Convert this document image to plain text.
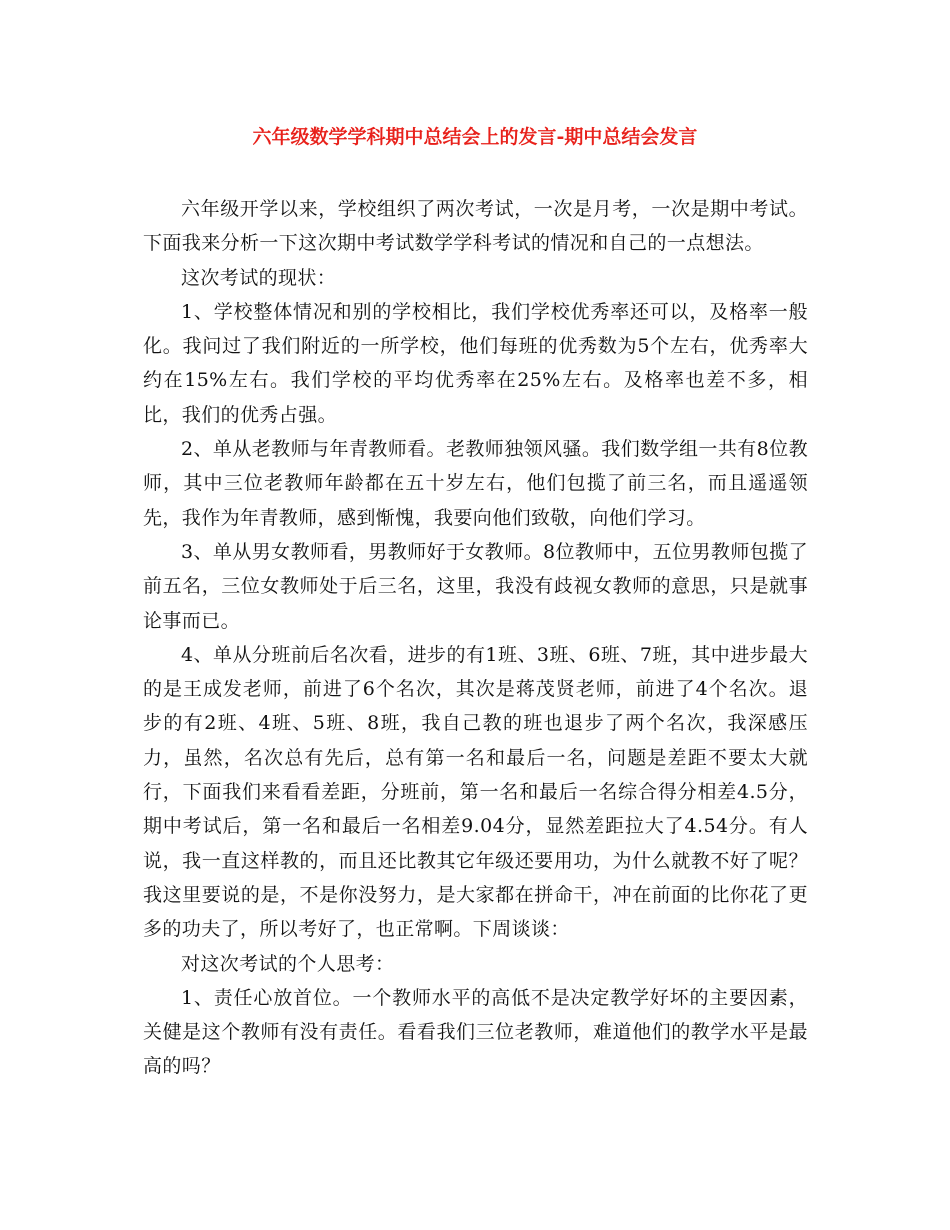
六年级数学学科期中总结会上的发言-期中总结会发言

六年级开学以来，学校组织了两次考试，一次是月考，一次是期中考试。下面我来分析一下这次期中考试数学学科考试的情况和自己的一点想法。

这次考试的现状：

1、学校整体情况和别的学校相比，我们学校优秀率还可以，及格率一般化。我问过了我们附近的一所学校，他们每班的优秀数为5个左右，优秀率大约在15%左右。我们学校的平均优秀率在25%左右。及格率也差不多，相比，我们的优秀占强。

2、单从老教师与年青教师看。老教师独领风骚。我们数学组一共有8位教师，其中三位老教师年龄都在五十岁左右，他们包揽了前三名，而且遥遥领先，我作为年青教师，感到惭愧，我要向他们致敬，向他们学习。

3、单从男女教师看，男教师好于女教师。8位教师中，五位男教师包揽了前五名，三位女教师处于后三名，这里，我没有歧视女教师的意思，只是就事论事而已。

4、单从分班前后名次看，进步的有1班、3班、6班、7班，其中进步最大的是王成发老师，前进了6个名次，其次是蒋茂贤老师，前进了4个名次。退步的有2班、4班、5班、8班，我自己教的班也退步了两个名次，我深感压力，虽然，名次总有先后，总有第一名和最后一名，问题是差距不要太大就行，下面我们来看看差距，分班前，第一名和最后一名综合得分相差4.5分，期中考试后，第一名和最后一名相差9.04分，显然差距拉大了4.54分。有人说，我一直这样教的，而且还比教其它年级还要用功，为什么就教不好了呢？我这里要说的是，不是你没努力，是大家都在拼命干，冲在前面的比你花了更多的功夫了，所以考好了，也正常啊。下周谈谈：

对这次考试的个人思考：

1、责任心放首位。一个教师水平的高低不是决定教学好坏的主要因素，关健是这个教师有没有责任。看看我们三位老教师，难道他们的教学水平是最高的吗？
